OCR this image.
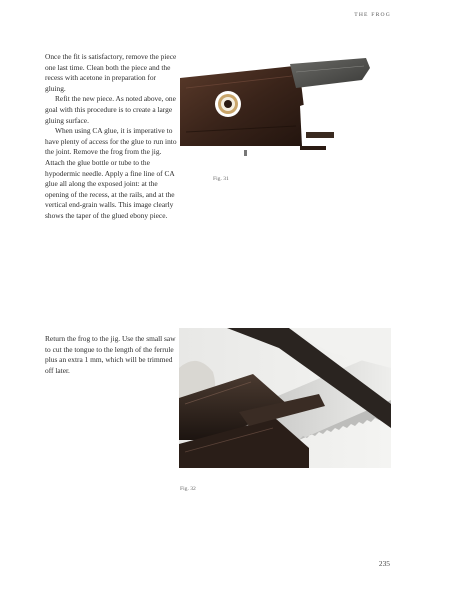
THE FROG

Once the fit is satisfactory, remove the piece one last time. Clean both the piece and the recess with acetone in preparation for gluing.

Refit the new piece. As noted above, one goal with this procedure is to create a large gluing surface.

When using CA glue, it is imperative to have plenty of access for the glue to run into the joint. Remove the frog from the jig. Attach the glue bottle or tube to the hypodermic needle. Apply a fine line of CA glue all along the exposed joint: at the opening of the recess, at the rails, and at the vertical end-grain walls. This image clearly shows the taper of the glued ebony piece.

Fig. 31

Return the frog to the jig. Use the small saw to cut the tongue to the length of the ferrule plus an extra 1 mm, which will be trimmed off later.

Fig. 32
235
